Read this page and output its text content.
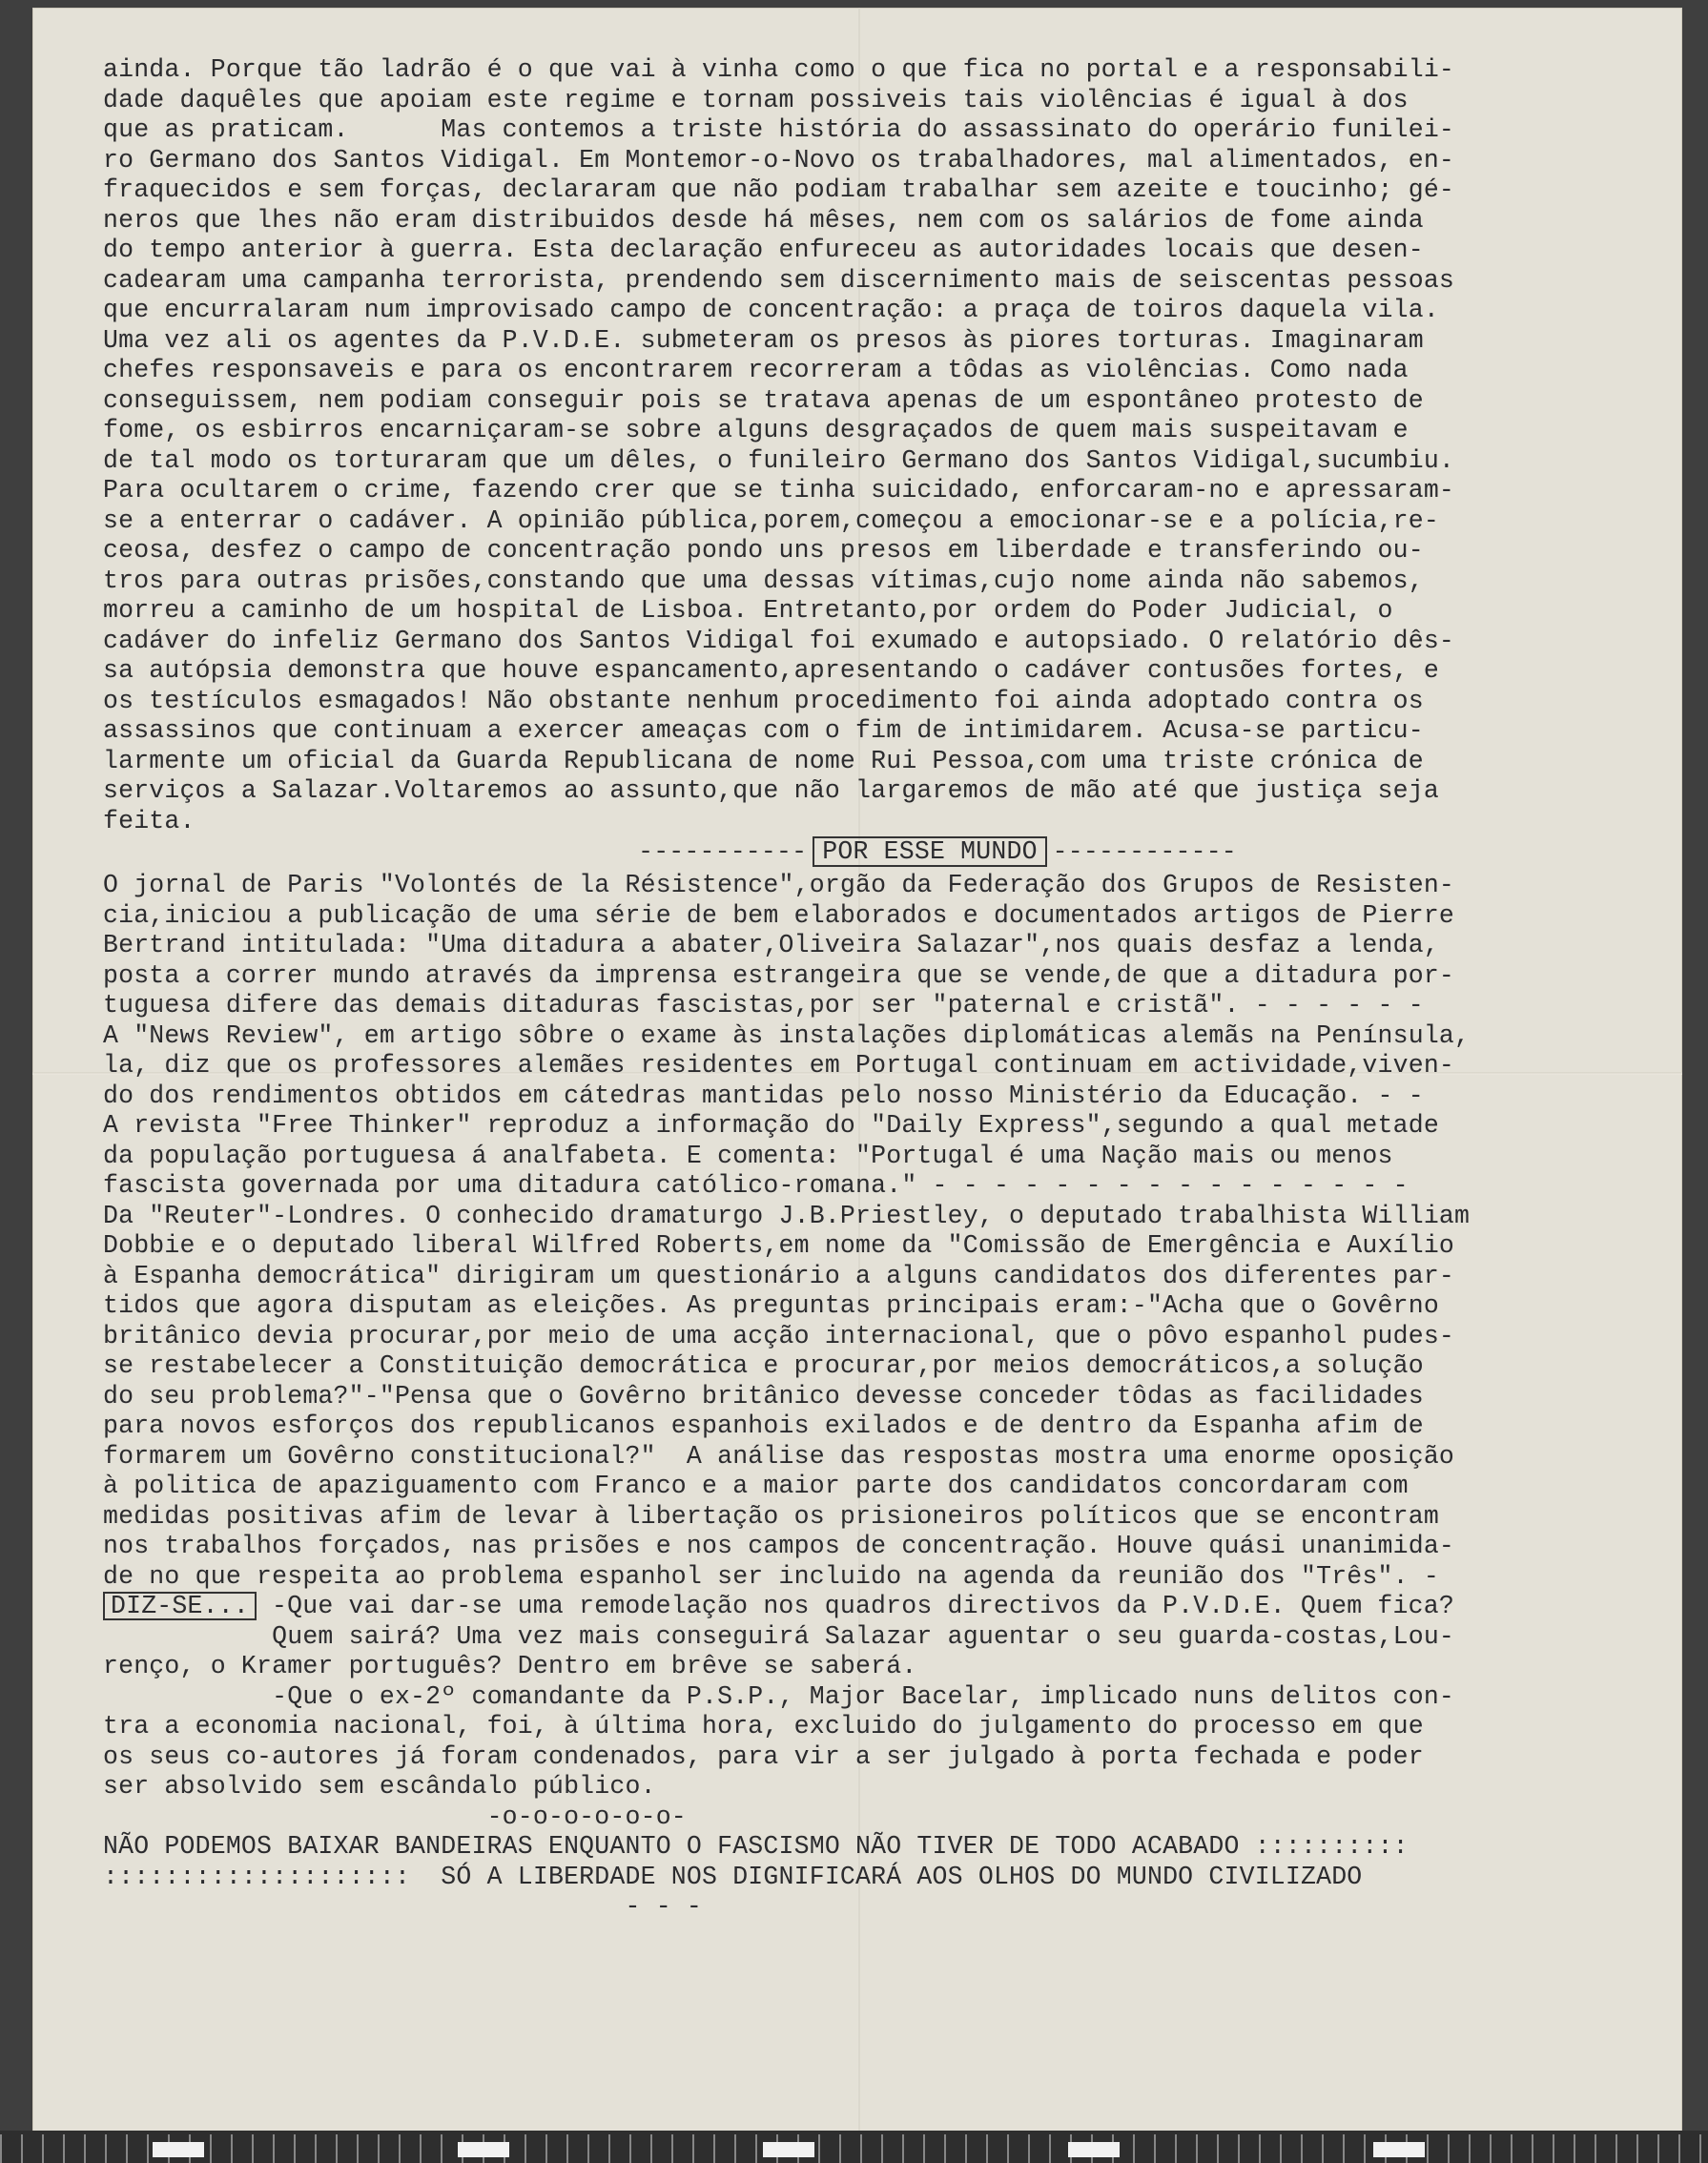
ainda. Porque tão ladrão é o que vai à vinha como o que fica no portal e a responsabili-
dade daquêles que apoiam este regime e tornam possiveis tais violências é igual à dos
que as praticam.      Mas contemos a triste história do assassinato do operário funilei-
ro Germano dos Santos Vidigal. Em Montemor-o-Novo os trabalhadores, mal alimentados, en-
fraquecidos e sem forças, declararam que não podiam trabalhar sem azeite e toucinho; gé-
neros que lhes não eram distribuidos desde há mêses, nem com os salários de fome ainda
do tempo anterior à guerra. Esta declaração enfureceu as autoridades locais que desen-
cadearam uma campanha terrorista, prendendo sem discernimento mais de seiscentas pessoas
que encurralaram num improvisado campo de concentração: a praça de toiros daquela vila.
Uma vez ali os agentes da P.V.D.E. submeteram os presos às piores torturas. Imaginaram
chefes responsaveis e para os encontrarem recorreram a tôdas as violências. Como nada
conseguissem, nem podiam conseguir pois se tratava apenas de um espontâneo protesto de
fome, os esbirros encarniçaram-se sobre alguns desgraçados de quem mais suspeitavam e
de tal modo os torturaram que um dêles, o funileiro Germano dos Santos Vidigal,sucumbiu.
Para ocultarem o crime, fazendo crer que se tinha suicidado, enforcaram-no e apressaram-
se a enterrar o cadáver. A opinião pública,porem,começou a emocionar-se e a polícia,re-
ceosa, desfez o campo de concentração pondo uns presos em liberdade e transferindo ou-
tros para outras prisões,constando que uma dessas vítimas,cujo nome ainda não sabemos,
morreu a caminho de um hospital de Lisboa. Entretanto,por ordem do Poder Judicial, o
cadáver do infeliz Germano dos Santos Vidigal foi exumado e autopsiado. O relatório dês-
sa autópsia demonstra que houve espancamento,apresentando o cadáver contusões fortes, e
os testículos esmagados! Não obstante nenhum procedimento foi ainda adoptado contra os
assassinos que continuam a exercer ameaças com o fim de intimidarem. Acusa-se particu-
larmente um oficial da Guarda Republicana de nome Rui Pessoa,com uma triste crónica de
serviços a Salazar.Voltaremos ao assunto,que não largaremos de mão até que justiça seja
feita.
----------- POR ESSE MUNDO ------------
O jornal de Paris "Volontés de la Résistence",orgão da Federação dos Grupos de Resisten-
cia,iniciou a publicação de uma série de bem elaborados e documentados artigos de Pierre
Bertrand intitulada: "Uma ditadura a abater,Oliveira Salazar",nos quais desfaz a lenda,
posta a correr mundo através da imprensa estrangeira que se vende,de que a ditadura por-
tuguesa difere das demais ditaduras fascistas,por ser "paternal e cristã". - - - - - -
A "News Review", em artigo sôbre o exame às instalações diplomáticas alemãs na Península,
la, diz que os professores alemães residentes em Portugal continuam em actividade,viven-
do dos rendimentos obtidos em cátedras mantidas pelo nosso Ministério da Educação. - -
A revista "Free Thinker" reproduz a informação do "Daily Express",segundo a qual metade
da população portuguesa á analfabeta. E comenta: "Portugal é uma Nação mais ou menos
fascista governada por uma ditadura católico-romana." - - - - - - - - - - - - - - - -
Da "Reuter"-Londres. O conhecido dramaturgo J.B.Priestley, o deputado trabalhista William
Dobbie e o deputado liberal Wilfred Roberts,em nome da "Comissão de Emergência e Auxílio
à Espanha democrática" dirigiram um questionário a alguns candidatos dos diferentes par-
tidos que agora disputam as eleições. As preguntas principais eram:-"Acha que o Govêrno
britânico devia procurar,por meio de uma acção internacional, que o pôvo espanhol pudes-
se restabelecer a Constituição democrática e procurar,por meios democráticos,a solução
do seu problema?"-"Pensa que o Govêrno britânico devesse conceder tôdas as facilidades
para novos esforços dos republicanos espanhois exilados e de dentro da Espanha afim de
formarem um Govêrno constitucional?"  A análise das respostas mostra uma enorme oposição
à politica de apaziguamento com Franco e a maior parte dos candidatos concordaram com
medidas positivas afim de levar à libertação os prisioneiros políticos que se encontram
nos trabalhos forçados, nas prisões e nos campos de concentração. Houve quási unanimida-
de no que respeita ao problema espanhol ser incluido na agenda da reunião dos "Três". -
DIZ-SE... -Que vai dar-se uma remodelação nos quadros directivos da P.V.D.E. Quem fica?
Quem sairá? Uma vez mais conseguirá Salazar aguentar o seu guarda-costas,Lou-
renço, o Kramer português? Dentro em brêve se saberá.
-Que o ex-2º comandante da P.S.P., Major Bacelar, implicado nuns delitos con-
tra a economia nacional, foi, à última hora, excluido do julgamento do processo em que
os seus co-autores já foram condenados, para vir a ser julgado à porta fechada e poder
ser absolvido sem escândalo público.
-o-o-o-o-o-o-
NÃO PODEMOS BAIXAR BANDEIRAS ENQUANTO O FASCISMO NÃO TIVER DE TODO ACABADO ::::::::::
::::::::::::::::::::  SÓ A LIBERDADE NOS DIGNIFICARÁ AOS OLHOS DO MUNDO CIVILIZADO
- - -
